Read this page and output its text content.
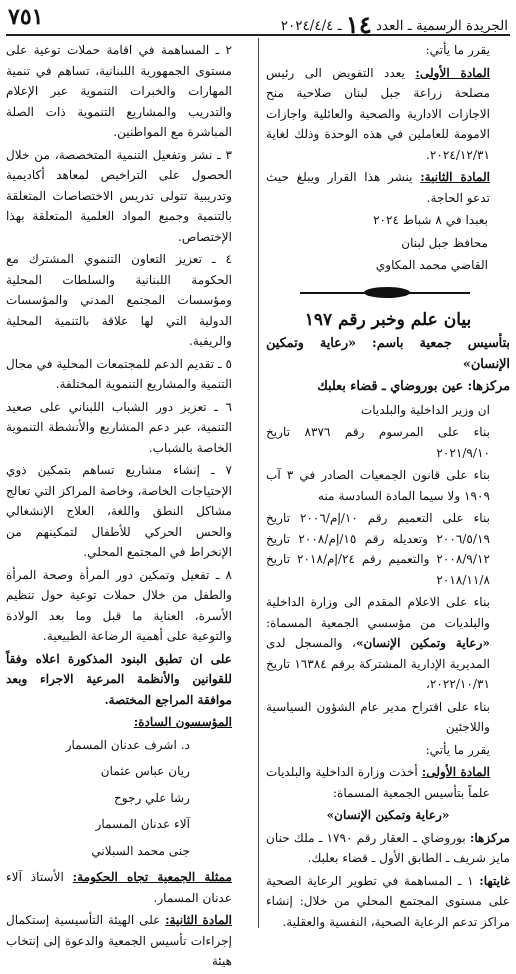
٧٥١	الجريدة الرسمية ـ العدد ١٤ ـ ٢٠٢٤/٤/٤

يقرر ما يأتي:

المادة الأولى: يعدد التفويض الى رئيس مصلحة زراعة جبل لبنان صلاحية منح الاجازات الادارية والصحية والعائلية واجازات الامومة للعاملين في هذه الوحدة وذلك لغاية ٢٠٢٤/١٢/٣١.

المادة الثانية: ينشر هذا القرار ويبلغ حيث تدعو الحاجة.

بعبدا في ٨ شباط ٢٠٢٤

محافظ جبل لبنان

القاضي محمد المكاوي

بيان علم وخبر رقم ١٩٧

بتأسيس جمعية باسم: «رعاية وتمكين الإنسان»

مركزها: عين بوروضاي ـ قضاء بعلبك

ان وزير الداخلية والبلديات

بناء على المرسوم رقم ٨٣٧٦ تاريخ ٢٠٢١/٩/١٠

بناء على قانون الجمعيات الصادر في ٣ آب ١٩٠٩ ولا سيما المادة السادسة منه

بناء على التعميم رقم ١٠/إم/٢٠٠٦ تاريخ ٢٠٠٦/٥/١٩ وتعديله رقم ١٥/إم/٢٠٠٨ تاريخ ٢٠٠٨/٩/١٢ والتعميم رقم ٢٤/إم/٢٠١٨ تاريخ ٢٠١٨/١١/٨

بناء على الاعلام المقدم الى وزارة الداخلية والبلديات من مؤسسي الجمعية المسماة: «رعاية وتمكين الإنسان»، والمسجل لدى المديرية الإدارية المشتركة برقم ١٦٣٨٤ تاريخ ٢٠٢٢/١٠/٣١،

بناء على اقتراح مدير عام الشؤون السياسية واللاجئين

يقرر ما يأتي:

المادة الأولى: أخذت وزارة الداخلية والبلديات علماً بتأسيس الجمعية المسماة:

«رعاية وتمكين الإنسان»

مركزها: بوروضاي ـ العقار رقم ١٧٩٠ ـ ملك حنان مايز شريف ـ الطابق الأول ـ قضاء بعلبك.

غايتها: ١ ـ المساهمة في تطوير الرعاية الصحية على مستوى المجتمع المحلي من خلال: إنشاء مراكز تدعم الرعاية الصحية، النفسية والعقلية.

٢ ـ المساهمة في اقامة حملات توعية على مستوى الجمهورية اللبنانية، تساهم في تنمية المهارات والخبرات التنموية عبر الإعلام والتدريب والمشاريع التنموية ذات الصلة المباشرة مع المواطنين.

٣ ـ نشر وتفعيل التنمية المتخصصة، من خلال الحصول على التراخيص لمعاهد أكاديمية وتدريبية تتولى تدريس الاختصاصات المتعلقة بالتنمية وجميع المواد العلمية المتعلقة بهذا الإختصاص.

٤ ـ تعزيز التعاون التنموي المشترك مع الحكومة اللبنانية والسلطات المحلية ومؤسسات المجتمع المدني والمؤسسات الدولية التي لها علاقة بالتنمية المحلية والريفية.

٥ ـ تقديم الدعم للمجتمعات المحلية في مجال التنمية والمشاريع التنموية المختلفة.

٦ ـ تعزيز دور الشباب اللبناني على صعيد التنمية، عبر دعم المشاريع والأنشطة التنموية الخاصة بالشباب.

٧ ـ إنشاء مشاريع تساهم بتمكين ذوي الإحتياجات الخاصة، وخاصة المراكز التي تعالج مشاكل النطق واللغة، العلاج الإنشغالي والحس الحركي للأطفال لتمكينهم من الإنخراط في المجتمع المحلي.

٨ ـ تفعيل وتمكين دور المرأة وصحة المرأة والطفل من خلال حملات توعية حول تنظيم الأسرة، العناية ما قبل وما بعد الولادة والتوعية على أهمية الرضاعة الطبيعية.

على ان تطبق البنود المذكورة اعلاه وفقاً للقوانين والأنظمة المرعية الاجراء وبعد موافقة المراجع المختصة.

المؤسسون السادة:

د. اشرف عدنان المسمار

ريان عباس عثمان

رشا علي رجوح

آلاء عدنان المسمار

جنى محمد السبلاني

ممثلة الجمعية تجاه الحكومة: الأستاذ آلاء عدنان المسمار.

المادة الثانية: على الهيئة التأسيسية إستكمال إجراءات تأسيس الجمعية والدعوة إلى إنتخاب هيئة
